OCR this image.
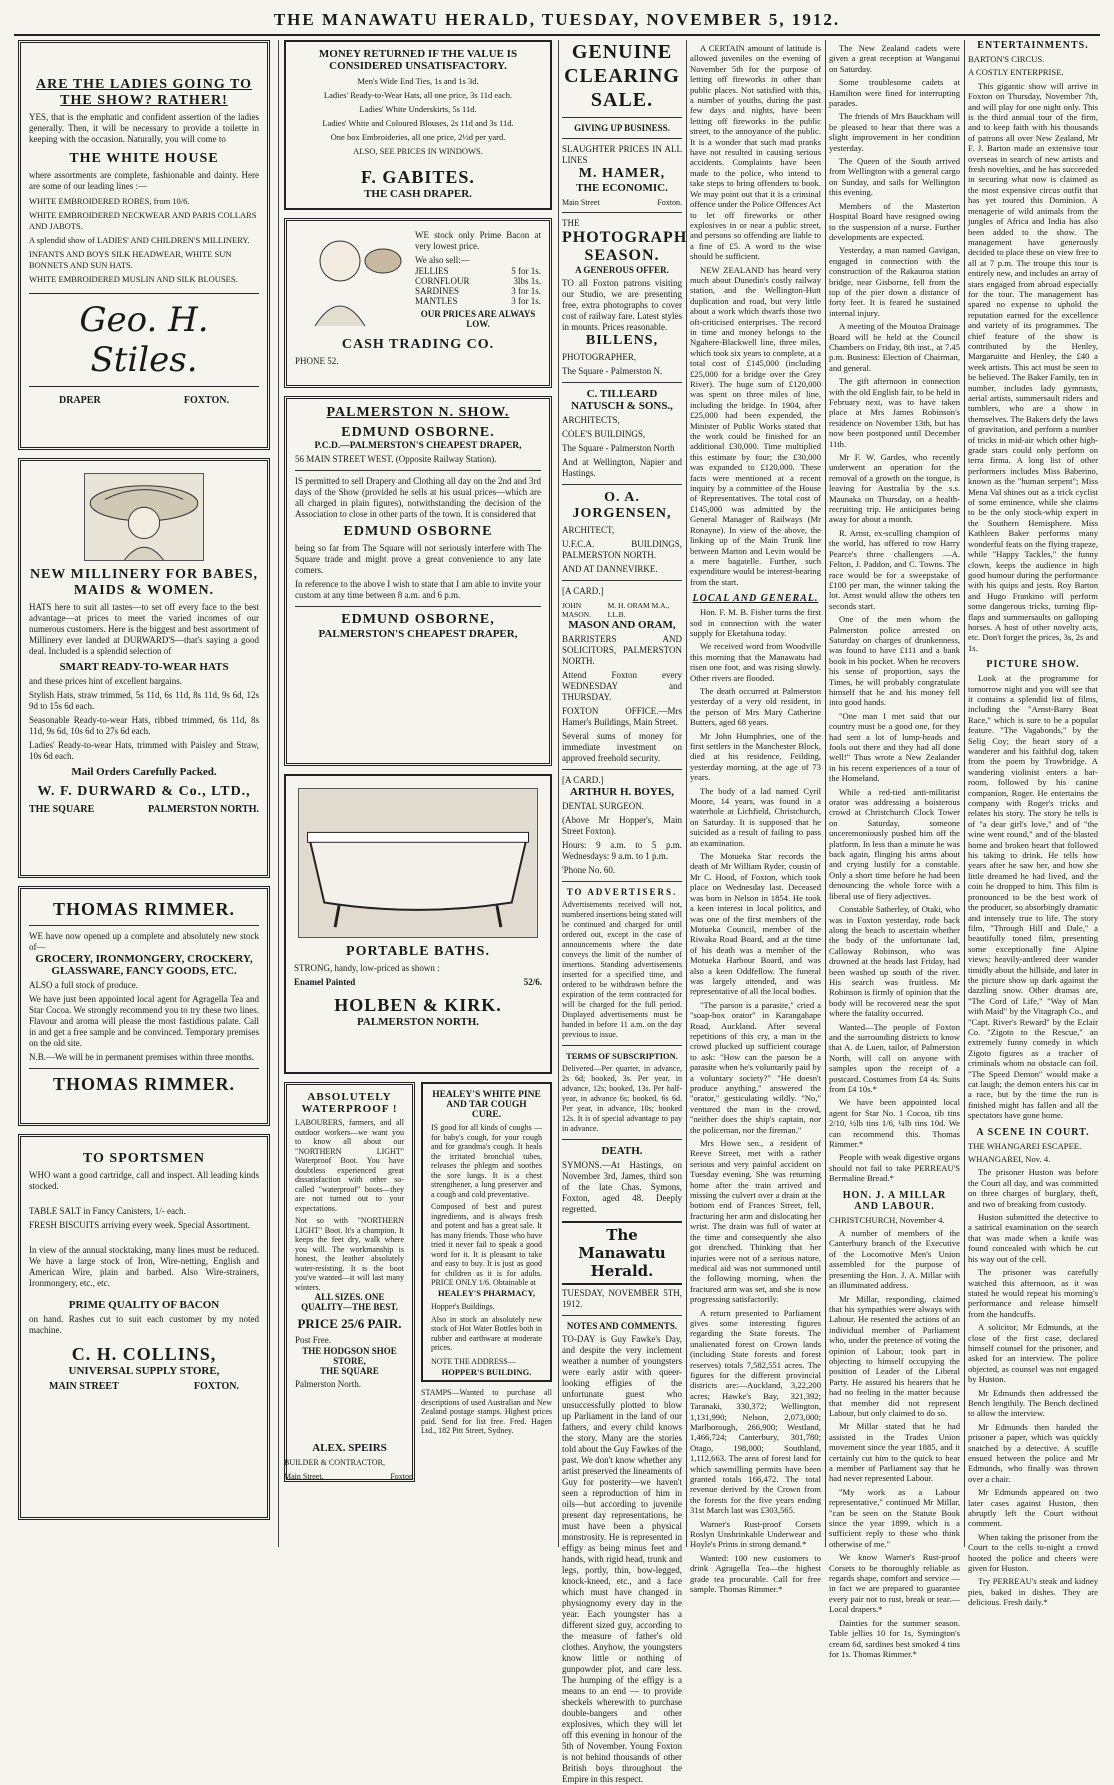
THE MANAWATU HERALD, TUESDAY, NOVEMBER 5, 1912.
ARE THE LADIES GOING TO THE SHOW? RATHER!
YES, that is the emphatic and confident assertion of the ladies generally. Then, it will be necessary to provide a toilette in keeping with the occasion. Naturally, you will come to
THE WHITE HOUSE
where assortments are complete, fashionable and dainty. Here are some of our leading lines :—
WHITE EMBROIDERED ROBES, from 10/6.
WHITE EMBROIDERED NECKWEAR AND PARIS COLLARS AND JABOTS.
A splendid show of LADIES' AND CHILDREN'S MILLINERY.
INFANTS AND BOYS SILK HEADWEAR, WHITE SUN BONNETS AND SUN HATS.
WHITE EMBROIDERED MUSLIN AND SILK BLOUSES.
Geo. H. Stiles.
DRAPER	FOXTON.
NEW MILLINERY FOR BABES, MAIDS & WOMEN.
HATS here to suit all tastes—to set off every face to the best advantage—at prices to meet the varied incomes of our numerous customers. Here is the biggest and best assortment of Millinery ever landed at DURWARD'S—that's saying a good deal. Included is a splendid selection of
SMART READY-TO-WEAR HATS
and these prices hint of excellent bargains.
Stylish Hats, straw trimmed, 5s 11d, 6s 11d, 8s 11d, 9s 6d, 12s 9d to 15s 6d each.
Seasonable Ready-to-wear Hats, ribbed trimmed, 6s 11d, 8s 11d, 9s 6d, 10s 6d to 27s 6d each.
Ladies' Ready-to-wear Hats, trimmed with Paisley and Straw, 10s 6d each.
Mail Orders Carefully Packed.
W. F. DURWARD & Co., LTD.,
THE SQUARE	PALMERSTON NORTH.
THOMAS RIMMER.
WE have now opened up a complete and absolutely new stock of—
GROCERY, IRONMONGERY, CROCKERY,
GLASSWARE, FANCY GOODS, ETC.
ALSO a full stock of produce.
We have just been appointed local agent for Agragella Tea and Star Cocoa. We strongly recommend you to try these two lines. Flavour and aroma will please the most fastidious palate. Call in and get a free sample and be convinced. Temporary premises on the old site.
N.B.—We will be in permanent premises within three months.
THOMAS RIMMER.
TO SPORTSMEN
WHO want a good cartridge, call and inspect. All leading kinds stocked.
TABLE SALT in Fancy Canisters, 1/- each.
FRESH BISCUITS arriving every week. Special Assortment.
In view of the annual stocktaking, many lines must be reduced. We have a large stock of Iron, Wire-netting, English and American Wire, plain and barbed. Also Wire-strainers, Ironmongery, etc., etc.
PRIME QUALITY OF BACON
on hand. Rashes cut to suit each customer by my noted machine.
C. H. COLLINS,
UNIVERSAL SUPPLY STORE,
MAIN STREET	FOXTON.
MONEY RETURNED IF THE VALUE IS CONSIDERED UNSATISFACTORY.
Men's Wide End Ties, 1s and 1s 3d.
Ladies' Ready-to-Wear Hats, all one price, 3s 11d each.
Ladies' White Underskirts, 5s 11d.
Ladies' White and Coloured Blouses, 2s 11d and 3s 11d.
One box Embroideries, all one price, 2½d per yard.
ALSO, SEE PRICES IN WINDOWS.
F. GABITES.
THE CASH DRAPER.
WE stock only Prime Bacon at very lowest price.
We also sell:—
JELLIES	5 for 1s.
CORNFLOUR	3lbs 1s.
SARDINES	3 for 1s.
MANTLES	3 for 1s.
OUR PRICES ARE ALWAYS LOW.
CASH TRADING CO.
PHONE 52.
PALMERSTON N. SHOW.
EDMUND OSBORNE.
P.C.D.—PALMERSTON'S CHEAPEST DRAPER,
56 MAIN STREET WEST. (Opposite Railway Station).
IS permitted to sell Drapery and Clothing all day on the 2nd and 3rd days of the Show (provided he sells at his usual prices—which are all charged in plain figures), notwithstanding the decision of the Association to close in other parts of the town. It is considered that
EDMUND OSBORNE
being so far from The Square will not seriously interfere with The Square trade and might prove a great convenience to any late comers.
In reference to the above I wish to state that I am able to invite your custom at any time between 8 a.m. and 6 p.m.
EDMUND OSBORNE,
PALMERSTON'S CHEAPEST DRAPER,
PORTABLE BATHS.
STRONG, handy, low-priced as shown :
Enamel Painted	52/6.
HOLBEN & KIRK.
PALMERSTON NORTH.
ABSOLUTELY WATERPROOF !
LABOURERS, farmers, and all outdoor workers—we want you to know all about our "NORTHERN LIGHT" Waterproof Boot. You have doubtless experienced great dissatisfaction with other so-called "waterproof" boots—they are not turned out to your expectations.
Not so with "NORTHERN LIGHT" Boot. It's a champion. It keeps the feet dry, walk where you will. The workmanship is honest, the leather absolutely water-resisting. It is the boot you've wanted—it will last many winters.
ALL SIZES. ONE QUALITY—THE BEST.
PRICE 25/6 PAIR.
Post Free.
THE HODGSON SHOE STORE,
THE SQUARE
Palmerston North.
HEALEY'S WHITE PINE AND TAR COUGH CURE.
IS good for all kinds of coughs — for baby's cough, for your cough and for grandma's cough. It heals the irritated bronchial tubes, releases the phlegm and soothes the sore lungs. It is a chest strengthener, a lung preserver and a cough and cold preventative.
Composed of best and purest ingredients, and is always fresh and potent and has a great sale. It has many friends. Those who have tried it never fail to speak a good word for it. It is pleasant to take and easy to buy. It is just as good for children as it is for adults. PRICE ONLY 1/6. Obtainable at
HEALEY'S PHARMACY,
Hopper's Buildings.
Also in stock an absolutely new stock of Hot Water Bottles both in rubber and earthware at moderate prices.
NOTE THE ADDRESS—
HOPPER'S BUILDING.
STAMPS—Wanted to purchase all descriptions of used Australian and New Zealand postage stamps. Highest prices paid. Send for list free. Fred. Hagen Ltd., 182 Pitt Street, Sydney.
ALEX. SPEIRS
BUILDER & CONTRACTOR,
Main Street,	Foxton.
GENUINE CLEARING SALE.
GIVING UP BUSINESS.
SLAUGHTER PRICES IN ALL LINES
M. HAMER,
THE ECONOMIC.
Main Street	Foxton.
THE
PHOTOGRAPH SEASON.
A GENEROUS OFFER.
TO all Foxton patrons visiting our Studio, we are presenting free, extra photographs to cover cost of railway fare. Latest styles in mounts. Prices reasonable.
BILLENS,
PHOTOGRAPHER,
The Square - Palmerston N.
C. TILLEARD NATUSCH & SONS.,
ARCHITECTS,
COLE'S BUILDINGS,
The Square - Palmerston North
And at Wellington, Napier and Hastings.
O. A. JORGENSEN,
ARCHITECT,
U.F.C.A. BUILDINGS, PALMERSTON NORTH.
AND AT DANNEVIRKE.
[A CARD.]
JOHN MASON.
M. H. ORAM M.A., LL.B.
MASON AND ORAM,
BARRISTERS AND SOLICITORS, PALMERSTON NORTH.
Attend Foxton every WEDNESDAY and THURSDAY.
FOXTON OFFICE.—Mrs Hamer's Buildings, Main Street.
Several sums of money for immediate investment on approved freehold security.
[A CARD.]
ARTHUR H. BOYES,
DENTAL SURGEON.
(Above Mr Hopper's, Main Street Foxton).
Hours: 9 a.m. to 5 p.m. Wednesdays: 9 a.m. to 1 p.m.
'Phone No. 60.
TO ADVERTISERS.
Advertisements received will not, numbered insertions being stated will be continued and charged for until ordered out, except in the case of announcements where the date conveys the limit of the number of insertions. Standing advertisements inserted for a specified time, and ordered to be withdrawn before the expiration of the term contracted for will be charged for the full period. Displayed advertisements must be handed in before 11 a.m. on the day previous to issue.
TERMS OF SUBSCRIPTION.
Delivered—Per quarter, in advance, 2s 6d; booked, 3s. Per year, in advance, 12s; booked, 13s. Per half-year, in advance 6s; booked, 6s 6d. Per year, in advance, 10s; booked 12s. It is of special advantage to pay in advance.
DEATH.
SYMONS.—At Hastings, on November 3rd, James, third son of the late Chas. Symons, Foxton, aged 48. Deeply regretted.
The Manawatu Herald.
TUESDAY, NOVEMBER 5TH, 1912.
NOTES AND COMMENTS.
TO-DAY is Guy Fawke's Day, and despite the very inclement weather a number of youngsters were early astir with queer-looking effigies of the unfortunate guest who unsuccessfully plotted to blow up Parliament in the land of our fathers, and every child knows the story. Many are the stories told about the Guy Fawkes of the past. We don't know whether any artist preserved the lineaments of Guy for posterity—we haven't seen a reproduction of him in oils—but according to juvenile present day representations, he must have been a physical monstrosity. He is represented in effigy as being minus feet and hands, with rigid head, trunk and legs, portly, thin, bow-legged, knock-kneed, etc., and a face which must have changed in physiognomy every day in the year. Each youngster has a different sized guy, according to the measure of father's old clothes. Anyhow, the youngsters know little or nothing of gunpowder plot, and care less. The humping of the effigy is a means to an end — to provide sheckels wherewith to purchase double-bangers and other explosives, which they will let off this evening in honour of the 5th of November. Young Foxton is not behind thousands of other British boys throughout the Empire in this respect.
A CERTAIN amount of latitude is allowed juveniles on the evening of November 5th for the purpose of letting off fireworks in other than public places. Not satisfied with this, a number of youths, during the past few days and nights, have been letting off fireworks in the public street, to the annoyance of the public. It is a wonder that such mad pranks have not resulted in causing serious accidents. Complaints have been made to the police, who intend to take steps to bring offenders to book. We may point out that it is a criminal offence under the Police Offences Act to let off fireworks or other explosives in or near a public street, and persons so offending are liable to a fine of £5. A word to the wise should be sufficient.
NEW ZEALAND has heard very much about Dunedin's costly railway station, and the Wellington-Hutt duplication and road, but very little about a work which dwarfs those two oft-criticised enterprises. The record in time and money belongs to the Ngahere-Blackwell line, three miles, which took six years to complete, at a total cost of £145,000 (including £25,000 for a bridge over the Grey River). The huge sum of £120,000 was spent on three miles of line, including the bridge. In 1904, after £25,000 had been expended, the Minister of Public Works stated that the work could be finished for an additional £30,000. Time multiplied this estimate by four; the £30,000 was expanded to £120,000. These facts were mentioned at a recent inquiry by a committee of the House of Representatives. The total cost of £145,000 was admitted by the General Manager of Railways (Mr Ronayne). In view of the above, the linking up of the Main Trunk line between Marton and Levin would be a mere bagatelle. Further, such expenditure would be interest-bearing from the start.
LOCAL AND GENERAL.
Hon. F. M. B. Fisher turns the first sod in connection with the water supply for Eketahuna today.
We received word from Woodville this morning that the Manawatu had risen one foot, and was rising slowly. Other rivers are flooded.
The death occurred at Palmerston yesterday of a very old resident, in the person of Mrs Mary Catherine Butters, aged 68 years.
Mr John Humphries, one of the first settlers in the Manchester Block, died at his residence, Feilding, yesterday morning, at the age of 73 years.
The body of a lad named Cyril Moore, 14 years, was found in a waterhole at Lichfield, Christchurch, on Saturday. It is supposed that he suicided as a result of failing to pass an examination.
The Motueka Star records the death of Mr William Ryder, cousin of Mr C. Hood, of Foxton, which took place on Wednesday last. Deceased was born in Nelson in 1854. He took a keen interest in local politics, and was one of the first members of the Motueka Council, member of the Riwaka Road Board, and at the time of his death was a member of the Motueka Harbour Board, and was also a keen Oddfellow. The funeral was largely attended, and was representative of all the local bodies.
"The parson is a parasite," cried a "soap-box orator" in Karangahape Road, Auckland. After several repetitions of this cry, a man in the crowd plucked up sufficient courage to ask: "How can the parson be a parasite when he's voluntarily paid by a voluntary society?" "He doesn't produce anything," answered the "orator," gesticulating wildly. "No," ventured the man in the crowd, "neither does the ship's captain, nor the policeman, nor the fireman."
Mrs Howe sen., a resident of Reeve Street, met with a rather serious and very painful accident on Tuesday evening. She was returning home after the train arrived and missing the culvert over a drain at the bottom end of Frances Street, fell, fracturing her arm and dislocating her wrist. The drain was full of water at the time and consequently she also got drenched. Thinking that her injuries were not of a serious nature, medical aid was not summoned until the following morning, when the fractured arm was set, and she is now progressing satisfactorily.
A return presented to Parliament gives some interesting figures regarding the State forests. The unalienated forest on Crown lands (including State forests and forest reserves) totals 7,582,551 acres. The figures for the different provincial districts are:—Auckland, 3,22,200 acres; Hawke's Bay, 321,392; Taranaki, 330,372; Wellington, 1,131,990; Nelson, 2,073,000; Marlborough, 266,900; Westland, 1,466,724; Canterbury, 301,780; Otago, 198,000; Southland, 1,112,663. The area of forest land for which sawmilling permits have been granted totals 166,472. The total revenue derived by the Crown from the forests for the five years ending 31st March last was £303,565.
Warner's Rust-proof Corsets Roslyn Unshrinkable Underwear and Hoyle's Prints in strong demand.*
Wanted: 100 new customers to drink Agragella Tea—the highest grade tea procurable. Call for free sample. Thomas Rimmer.*
The New Zealand cadets were given a great reception at Wanganui on Saturday.
Some troublesome cadets at Hamilton were fined for interrupting parades.
The friends of Mrs Bauckham will be pleased to hear that there was a slight improvement in her condition yesterday.
The Queen of the South arrived from Wellington with a general cargo on Sunday, and sails for Wellington this evening.
Members of the Masterton Hospital Board have resigned owing to the suspension of a nurse. Further developments are expected.
Yesterday, a man named Gavigan, engaged in connection with the construction of the Rakauroa station bridge, near Gisborne, fell from the top of the pier down a distance of forty feet. It is feared he sustained internal injury.
A meeting of the Moutoa Drainage Board will be held at the Council Chambers on Friday, 8th inst., at 7.45 p.m. Business: Election of Chairman, and general.
The gift afternoon in connection with the old English fair, to be held in February next, was to have taken place at Mrs James Robinson's residence on November 13th, but has now been postponed until December 11th.
Mr F. W. Gardes, who recently underwent an operation for the removal of a growth on the tongue, is leaving for Australia by the s.s. Maunaka on Thursday, on a health-recruiting trip. He anticipates being away for about a month.
R. Arnst, ex-sculling champion of the world, has offered to row Harry Pearce's three challengers —A. Felton, J. Paddon, and C. Towns. The race would be for a sweepstake of £100 per man, the winner taking the lot. Arnst would allow the others ten seconds start.
One of the men whom the Palmerston police arrested on Saturday on charges of drunkenness, was found to have £111 and a bank book in his pocket. When he recovers his sense of proportion, says the Times, he will probably congratulate himself that he and his money fell into good hands.
"One man I met said that our country must be a good one, for they had sent a lot of lump-heads and fools out there and they had all done well!" Thus wrote a New Zealander in his recent experiences of a tour of the Homeland.
While a red-tied anti-militarist orator was addressing a boisterous crowd at Christchurch Clock Tower on Saturday, someone unceremoniously pushed him off the platform. In less than a minute he was back again, flinging his arms about and crying lustily for a constable. Only a short time before he had been denouncing the whole force with a liberal use of fiery adjectives.
Constable Satherley, of Otaki, who was in Foxton yesterday, rode back along the beach to ascertain whether the body of the unfortunate lad, Calloway Robinson, who was drowned at the heads last Friday, had been washed up south of the river. His search was fruitless. Mr Robinson is firmly of opinion that the body will be recovered near the spot where the fatality occurred.
Wanted—The people of Foxton and the surrounding districts to know that A. de Luen, tailor, of Palmerston North, will call on anyone with samples upon the receipt of a postcard. Costumes from £4 4s. Suits from £4 10s.*
We have been appointed local agent for Star No. 1 Cocoa, tib tins 2/10, ½lb tins 1/6, ¼lb tins 10d. We can recommend this. Thomas Rimmer.*
People with weak digestive organs should not fail to take PERREAU'S Bermaline Bread.*
HON. J. A MILLAR AND LABOUR.
CHRISTCHURCH, November 4.
A number of members of the Canterbury branch of the Executive of the Locomotive Men's Union assembled for the purpose of presenting the Hon. J. A. Millar with an illuminated address.
Mr Millar, responding, claimed that his sympathies were always with Labour. He resented the actions of an individual member of Parliament who, under the pretence of voting the opinion of Labour, took part in objecting to himself occupying the position of Leader of the Liberal Party. He assured his hearers that he had no feeling in the matter because that member did not represent Labour, but only claimed to do so.
Mr Millar stated that he had assisted in the Trades Union movement since the year 1885, and it certainly cut him to the quick to hear a member of Parliament say that he had never represented Labour.
"My work as a Labour representative," continued Mr Millar, "can be seen on the Statute Book since the year 1899, which is a sufficient reply to those who think otherwise of me."
We know Warner's Rust-proof Corsets to be thoroughly reliable as regards shape, comfort and service —in fact we are prepared to guarantee every pair not to rust, break or tear.—Local drapers.*
Dainties for the summer season. Table jellies 10 for 1s, Symington's cream 6d, sardines best smoked 4 tins for 1s. Thomas Rimmer.*
ENTERTAINMENTS.
BARTON'S CIRCUS.
A COSTLY ENTERPRISE.
This gigantic show will arrive in Foxton on Thursday, November 7th, and will play for one night only. This is the third annual tour of the firm, and to keep faith with his thousands of patrons all over New Zealand, Mr F. J. Barton made an extensive tour overseas in search of new artists and fresh novelties, and he has succeeded in securing what now is claimed as the most expensive circus outfit that has yet toured this Dominion. A menagerie of wild animals from the jungles of Africa and India has also been added to the show. The management have generously decided to place these on view free to all at 7 p.m. The troupe this tour is entirely new, and includes an array of stars engaged from abroad especially for the tour. The management has spared no expense to uphold the reputation earned for the excellence and variety of its programmes. The chief feature of the show is contributed by the Henley, Margaruitte and Henley, the £40 a week artists. This act must be seen to be believed. The Baker Family, ten in number, includes lady gymnasts, aerial artists, summersault riders and tumblers, who are a show in themselves. The Bakers defy the laws of gravitation, and perform a number of tricks in mid-air which other high-grade stars could only perform on terra firma. A long list of other performers includes Miss Baberino, known as the "human serpent"; Miss Mena Val shines out as a trick cyclist of some eminence, while she claims to be the only stock-whip expert in the Southern Hemisphere. Miss Kathleen Baker performs many wonderful feats on the flying trapeze, while "Happy Tackles," the funny clown, keeps the audience in high good humour during the performance with his quips and jests. Roy Barton and Hugo Frankino will perform some dangerous tricks, turning flip-flaps and summersaults on galloping horses. A host of other novelty acts, etc. Don't forget the prices, 3s, 2s and 1s.
PICTURE SHOW.
Look at the programme for tomorrow night and you will see that it contains a splendid list of films, including the "Arnst-Barry Boat Race," which is sure to be a popular feature. "The Vagabonds," by the Selig Coy; the heart story of a wanderer and his faithful dog, taken from the poem by Trowbridge. A wandering violinist enters a bar-room, followed by his canine companion, Roger. He entertains the company with Roger's tricks and relates his story. The story he tells is of "a dear girl's love," and of "the wine went round," and of the blasted home and broken heart that followed his taking to drink. He tells how years after he saw her, and how she little dreamed he had lived, and the coin he dropped to him. This film is pronounced to be the best work of the producer, so absorbingly dramatic and intensely true to life. The story film, "Through Hill and Dale," a beautifully toned film, presenting some exceptionally fine Alpine views; heavily-antlered deer wander timidly about the hillside, and later in the picture show up dark against the dazzling snow. Other dramas are, "The Cord of Life," "Way of Man with Maid" by the Vitagraph Co., and "Capt. River's Reward" by the Eclair Co. "Zigoto to the Rescue," an extremely funny comedy in which Zigoto figures as a tracker of criminals whom no obstacle can foil. "The Speed Demon" would make a cat laugh; the demon enters his car in a race, but by the time the run is finished might has fallen and all the spectators have gone home.
A SCENE IN COURT.
THE WHANGAREI ESCAPEE.
WHANGAREI, Nov. 4.
The prisoner Huston was before the Court all day, and was committed on three charges of burglary, theft, and two of breaking from custody.
Huston submitted the detective to a satirical examination on the search that was made when a knife was found concealed with which he cut his way out of the cell.
The prisoner was carefully watched this afternoon, as it was stated he would repeat his morning's performance and release himself from the handcuffs.
A solicitor, Mr Edmunds, at the close of the first case, declared himself counsel for the prisoner, and asked for an interview. The police objected, as counsel was not engaged by Huston.
Mr Edmunds then addressed the Bench lengthily. The Bench declined to allow the interview.
Mr Edmunds then handed the prisoner a paper, which was quickly snatched by a detective. A scuffle ensued between the police and Mr Edmunds, who finally was thrown over a chair.
Mr Edmunds appeared on two later cases against Huston, then abruptly left the Court without comment.
When taking the prisoner from the Court to the cells to-night a crowd hooted the police and cheers were given for Huston.
Try PERREAU's steak and kidney pies, baked in dishes. They are delicious. Fresh daily.*
